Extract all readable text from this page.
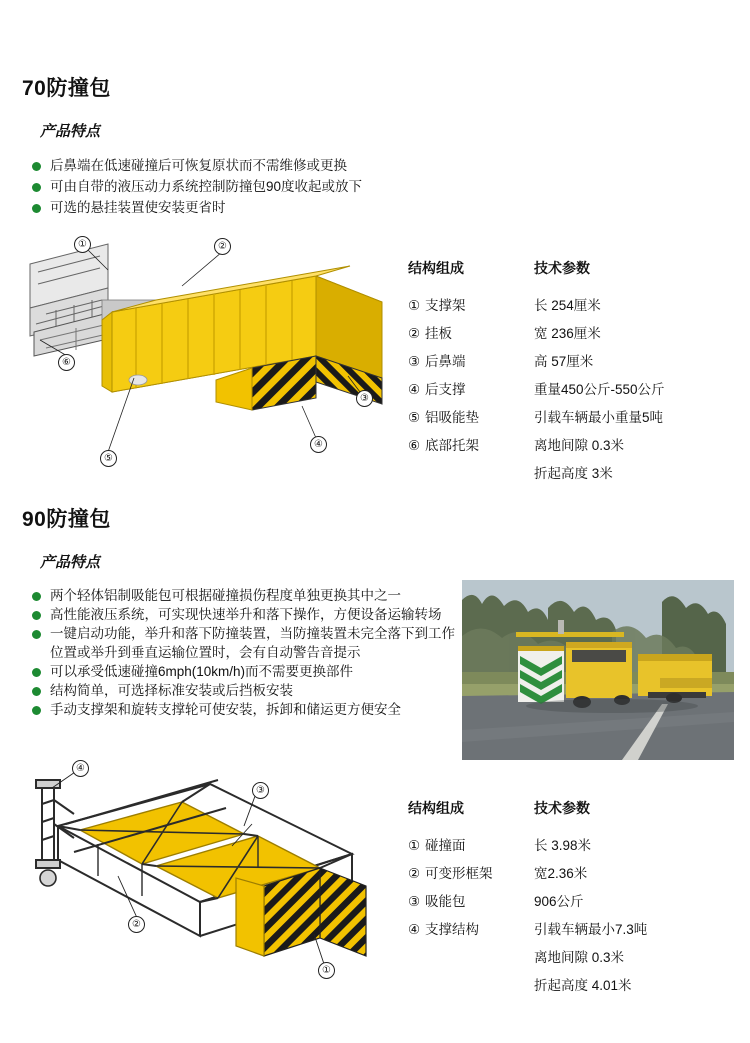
70防撞包
产品特点
后鼻端在低速碰撞后可恢复原状而不需维修或更换
可由自带的液压动力系统控制防撞包90度收起或放下
可选的悬挂装置使安装更省时
①	②
③
④
⑤
⑥
结构组成
① 支撑架
② 挂板
③ 后鼻端
④ 后支撑
⑤ 铝吸能垫
⑥ 底部托架
技术参数
长 254厘米
宽 236厘米
高 57厘米
重量450公斤-550公斤
引载车辆最小重量5吨
离地间隙 0.3米
折起高度 3米
90防撞包
产品特点
两个轻体铝制吸能包可根据碰撞损伤程度单独更换其中之一
高性能液压系统，可实现快速举升和落下操作，方便设备运输转场
一键启动功能，举升和落下防撞装置，当防撞装置未完全落下到工作
位置或举升到垂直运输位置时，会有自动警告音提示
可以承受低速碰撞6mph(10km/h)而不需要更换部件
结构简单，可选择标准安装或后挡板安装
手动支撑架和旋转支撑轮可使安装，拆卸和储运更方便安全
④
③
②
①
结构组成
① 碰撞面
② 可变形框架
③ 吸能包
④ 支撑结构
技术参数
长 3.98米
宽2.36米
906公斤
引载车辆最小7.3吨
离地间隙 0.3米
折起高度 4.01米
